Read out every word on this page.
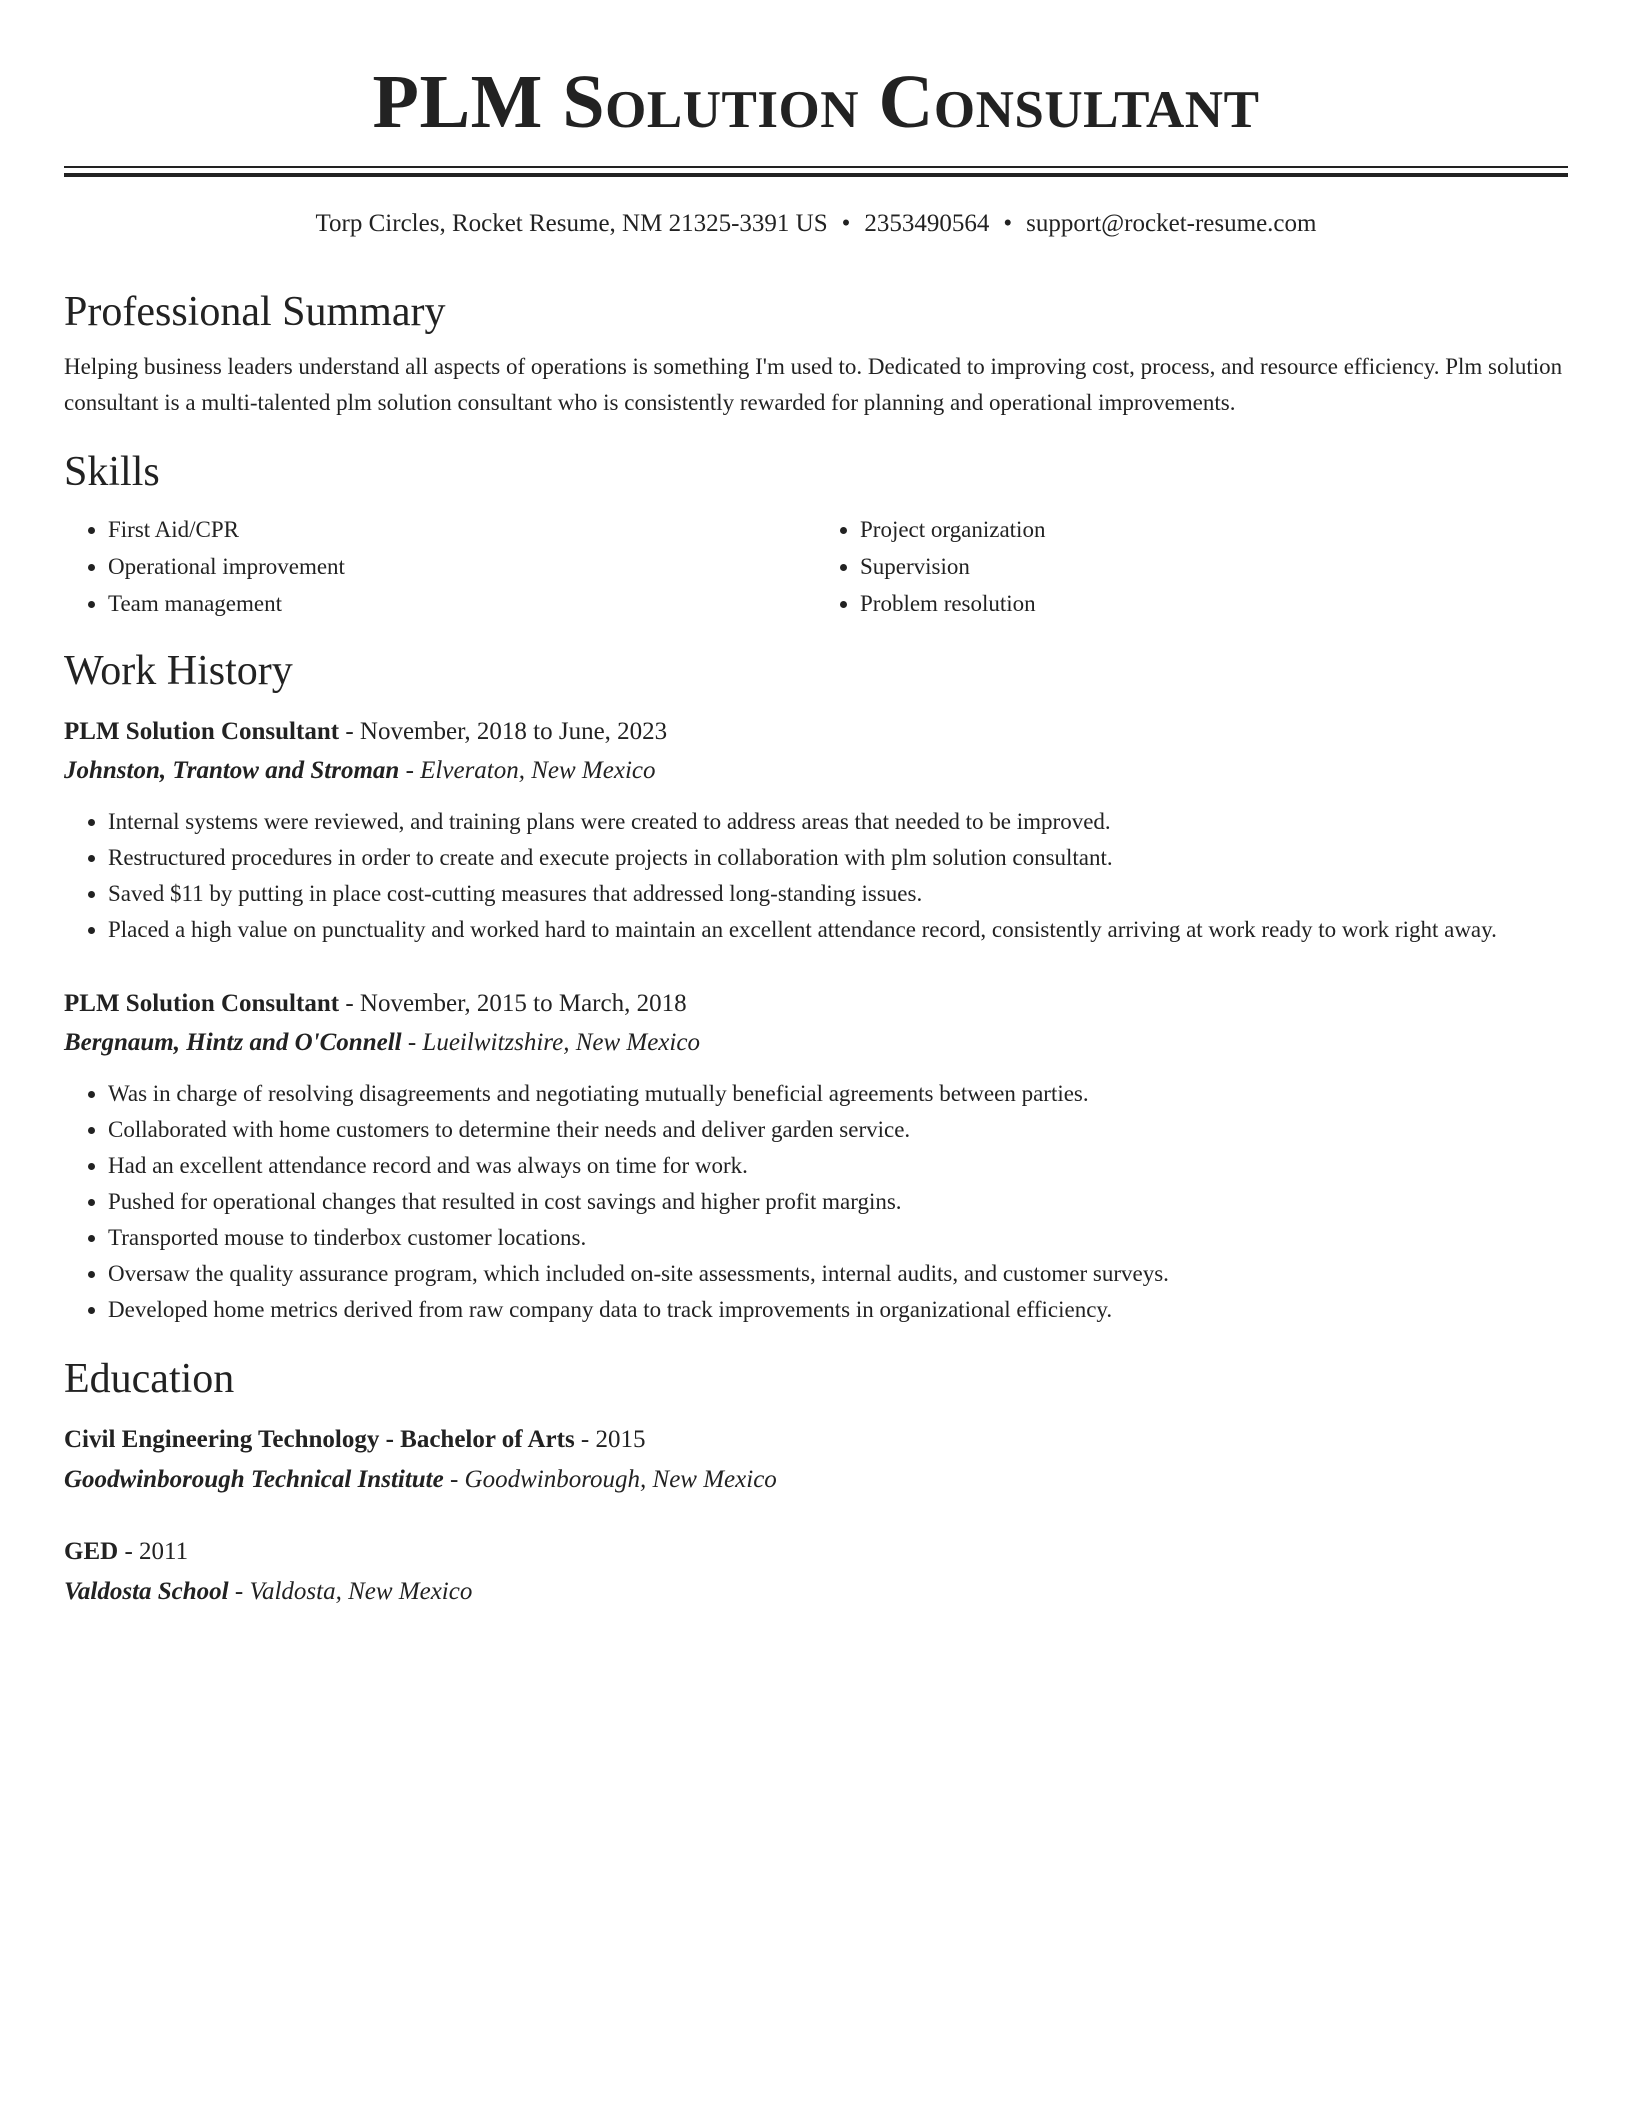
PLM Solution Consultant
Torp Circles, Rocket Resume, NM 21325-3391 US • 2353490564 • support@rocket-resume.com
Professional Summary

Helping business leaders understand all aspects of operations is something I'm used to. Dedicated to improving cost, process, and resource efficiency. Plm solution consultant is a multi-talented plm solution consultant who is consistently rewarded for planning and operational improvements.

Skills
• First Aid/CPR
• Operational improvement
• Team management
• Project organization
• Supervision
• Problem resolution
Work History
PLM Solution Consultant - November, 2018 to June, 2023
Johnston, Trantow and Stroman - Elveraton, New Mexico
• Internal systems were reviewed, and training plans were created to address areas that needed to be improved.
• Restructured procedures in order to create and execute projects in collaboration with plm solution consultant.
• Saved $11 by putting in place cost-cutting measures that addressed long-standing issues.
• Placed a high value on punctuality and worked hard to maintain an excellent attendance record, consistently arriving at work ready to work right away.
PLM Solution Consultant - November, 2015 to March, 2018
Bergnaum, Hintz and O'Connell - Lueilwitzshire, New Mexico
• Was in charge of resolving disagreements and negotiating mutually beneficial agreements between parties.
• Collaborated with home customers to determine their needs and deliver garden service.
• Had an excellent attendance record and was always on time for work.
• Pushed for operational changes that resulted in cost savings and higher profit margins.
• Transported mouse to tinderbox customer locations.
• Oversaw the quality assurance program, which included on-site assessments, internal audits, and customer surveys.
• Developed home metrics derived from raw company data to track improvements in organizational efficiency.
Education
Civil Engineering Technology - Bachelor of Arts - 2015
Goodwinborough Technical Institute - Goodwinborough, New Mexico
GED - 2011
Valdosta School - Valdosta, New Mexico
